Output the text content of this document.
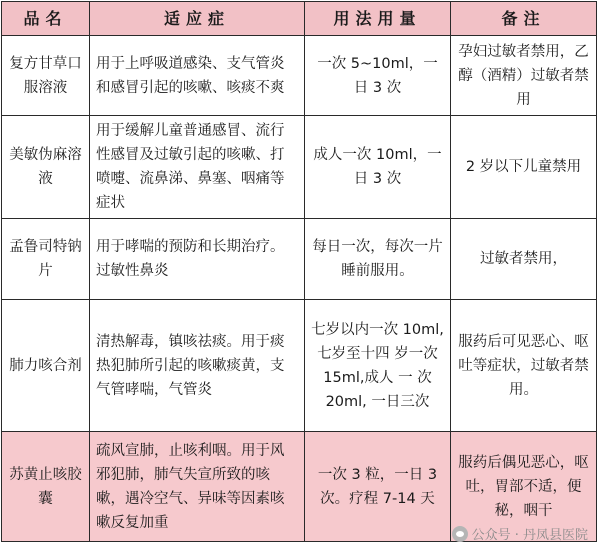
品名	适应症	用法用量	备注
复方甘草口服溶液	用于上呼吸道感染、支气管炎和感冒引起的咳嗽、咳痰不爽	一次 5~10ml，一日 3 次	孕妇过敏者禁用，乙醇（酒精）过敏者禁用
美敏伪麻溶液	用于缓解儿童普通感冒、流行性感冒及过敏引起的咳嗽、打喷嚏、流鼻涕、鼻塞、咽痛等症状	成人一次 10ml，一日 3 次	2 岁以下儿童禁用
孟鲁司特钠片	用于哮喘的预防和长期治疗。过敏性鼻炎	每日一次，每次一片睡前服用。	过敏者禁用，
肺力咳合剂	清热解毒，镇咳祛痰。用于痰热犯肺所引起的咳嗽痰黄，支气管哮喘，气管炎	七岁以内一次 10ml,七岁至十四 岁一次 15ml,成人 一 次 20ml, 一日三次	服药后可见恶心、呕吐等症状，过敏者禁用。
苏黄止咳胶囊	疏风宣肺，止咳利咽。用于风邪犯肺，肺气失宣所致的咳嗽，遇冷空气、异味等因素咳嗽反复加重	一次 3 粒，一日 3 次。疗程 7-14 天	服药后偶见恶心，呕吐，胃部不适，便秘，咽干
公众号 · 丹凤县医院
